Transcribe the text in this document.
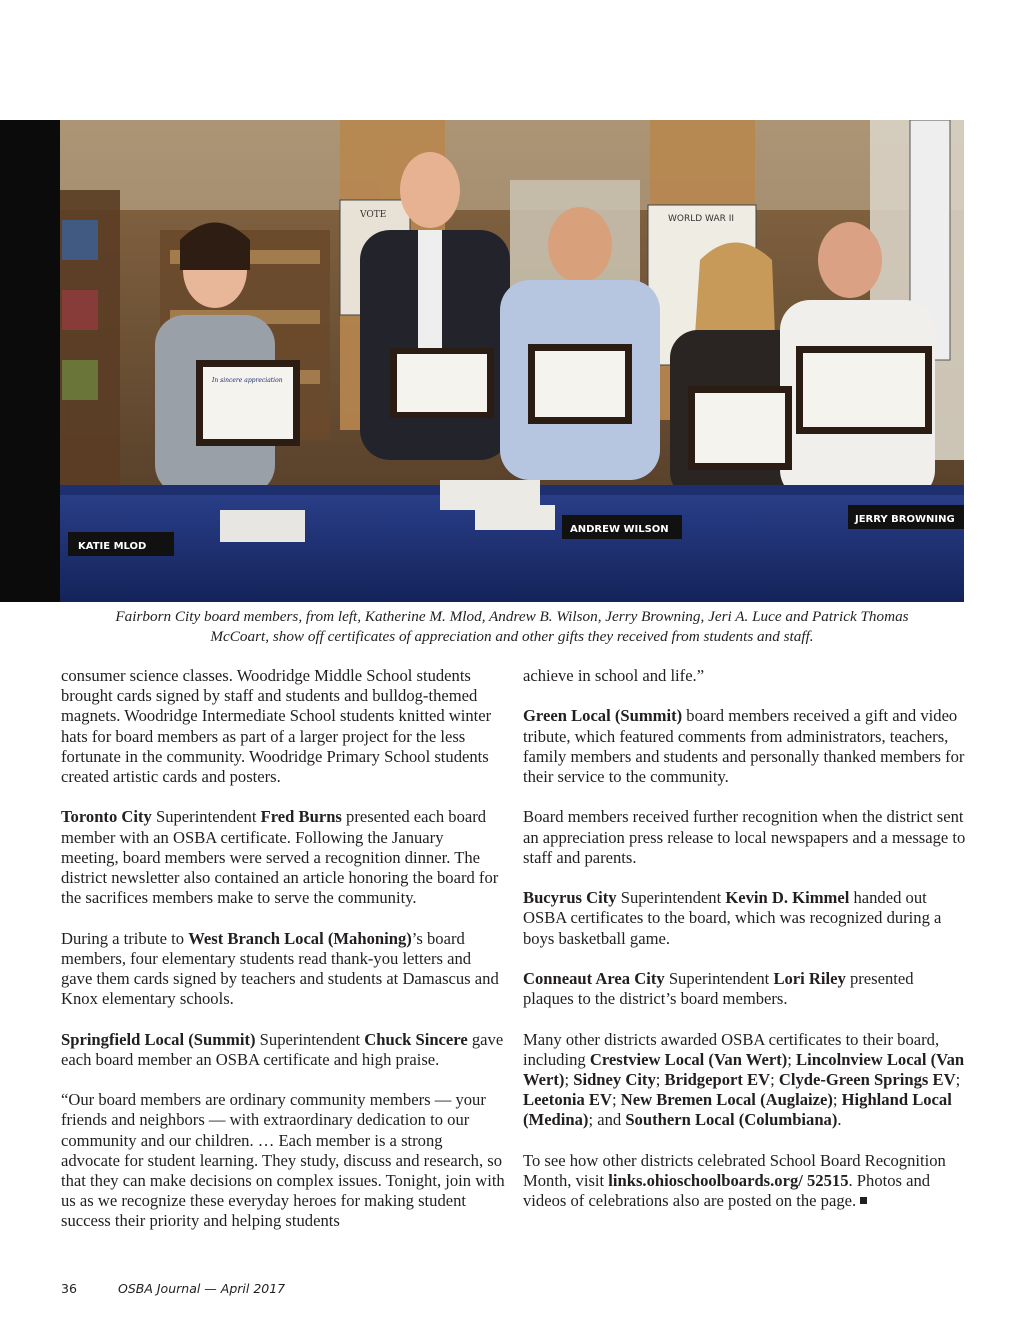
VOTE	WORLD WAR II
In sincere appreciation
KATIE MLOD
ANDREW WILSON
JERRY BROWNING
Fairborn City board members, from left, Katherine M. Mlod, Andrew B. Wilson, Jerry Browning, Jeri A. Luce and Patrick Thomas
McCoart, show off certificates of appreciation and other gifts they received from students and staff.

consumer science classes. Woodridge Middle School students brought cards signed by staff and students and bulldog-themed magnets. Woodridge Intermediate School students knitted winter hats for board members as part of a larger project for the less fortunate in the community. Woodridge Primary School students created artistic cards and posters.

Toronto City Superintendent Fred Burns presented each board member with an OSBA certificate. Following the January meeting, board members were served a recognition dinner. The district newsletter also contained an article honoring the board for the sacrifices members make to serve the community.

During a tribute to West Branch Local (Mahoning)’s board members, four elementary students read thank-you letters and gave them cards signed by teachers and students at Damascus and Knox elementary schools.

Springfield Local (Summit) Superintendent Chuck Sincere gave each board member an OSBA certificate and high praise.

“Our board members are ordinary community members — your friends and neighbors — with extraordinary dedication to our community and our children. … Each member is a strong advocate for student learning. They study, discuss and research, so that they can make decisions on complex issues. Tonight, join with us as we recognize these everyday heroes for making student success their priority and helping students

achieve in school and life.”

Green Local (Summit) board members received a gift and video tribute, which featured comments from administrators, teachers, family members and students and personally thanked members for their service to the community.

Board members received further recognition when the district sent an appreciation press release to local newspapers and a message to staff and parents.

Bucyrus City Superintendent Kevin D. Kimmel handed out OSBA certificates to the board, which was recognized during a boys basketball game.

Conneaut Area City Superintendent Lori Riley presented plaques to the district’s board members.

Many other districts awarded OSBA certificates to their board, including Crestview Local (Van Wert); Lincolnview Local (Van Wert); Sidney City; Bridgeport EV; Clyde-Green Springs EV; Leetonia EV; New Bremen Local (Auglaize); Highland Local (Medina); and Southern Local (Columbiana).

To see how other districts celebrated School Board Recognition Month, visit links.ohioschoolboards.org/ 52515. Photos and videos of celebrations also are posted on the page.

36	OSBA Journal — April 2017
